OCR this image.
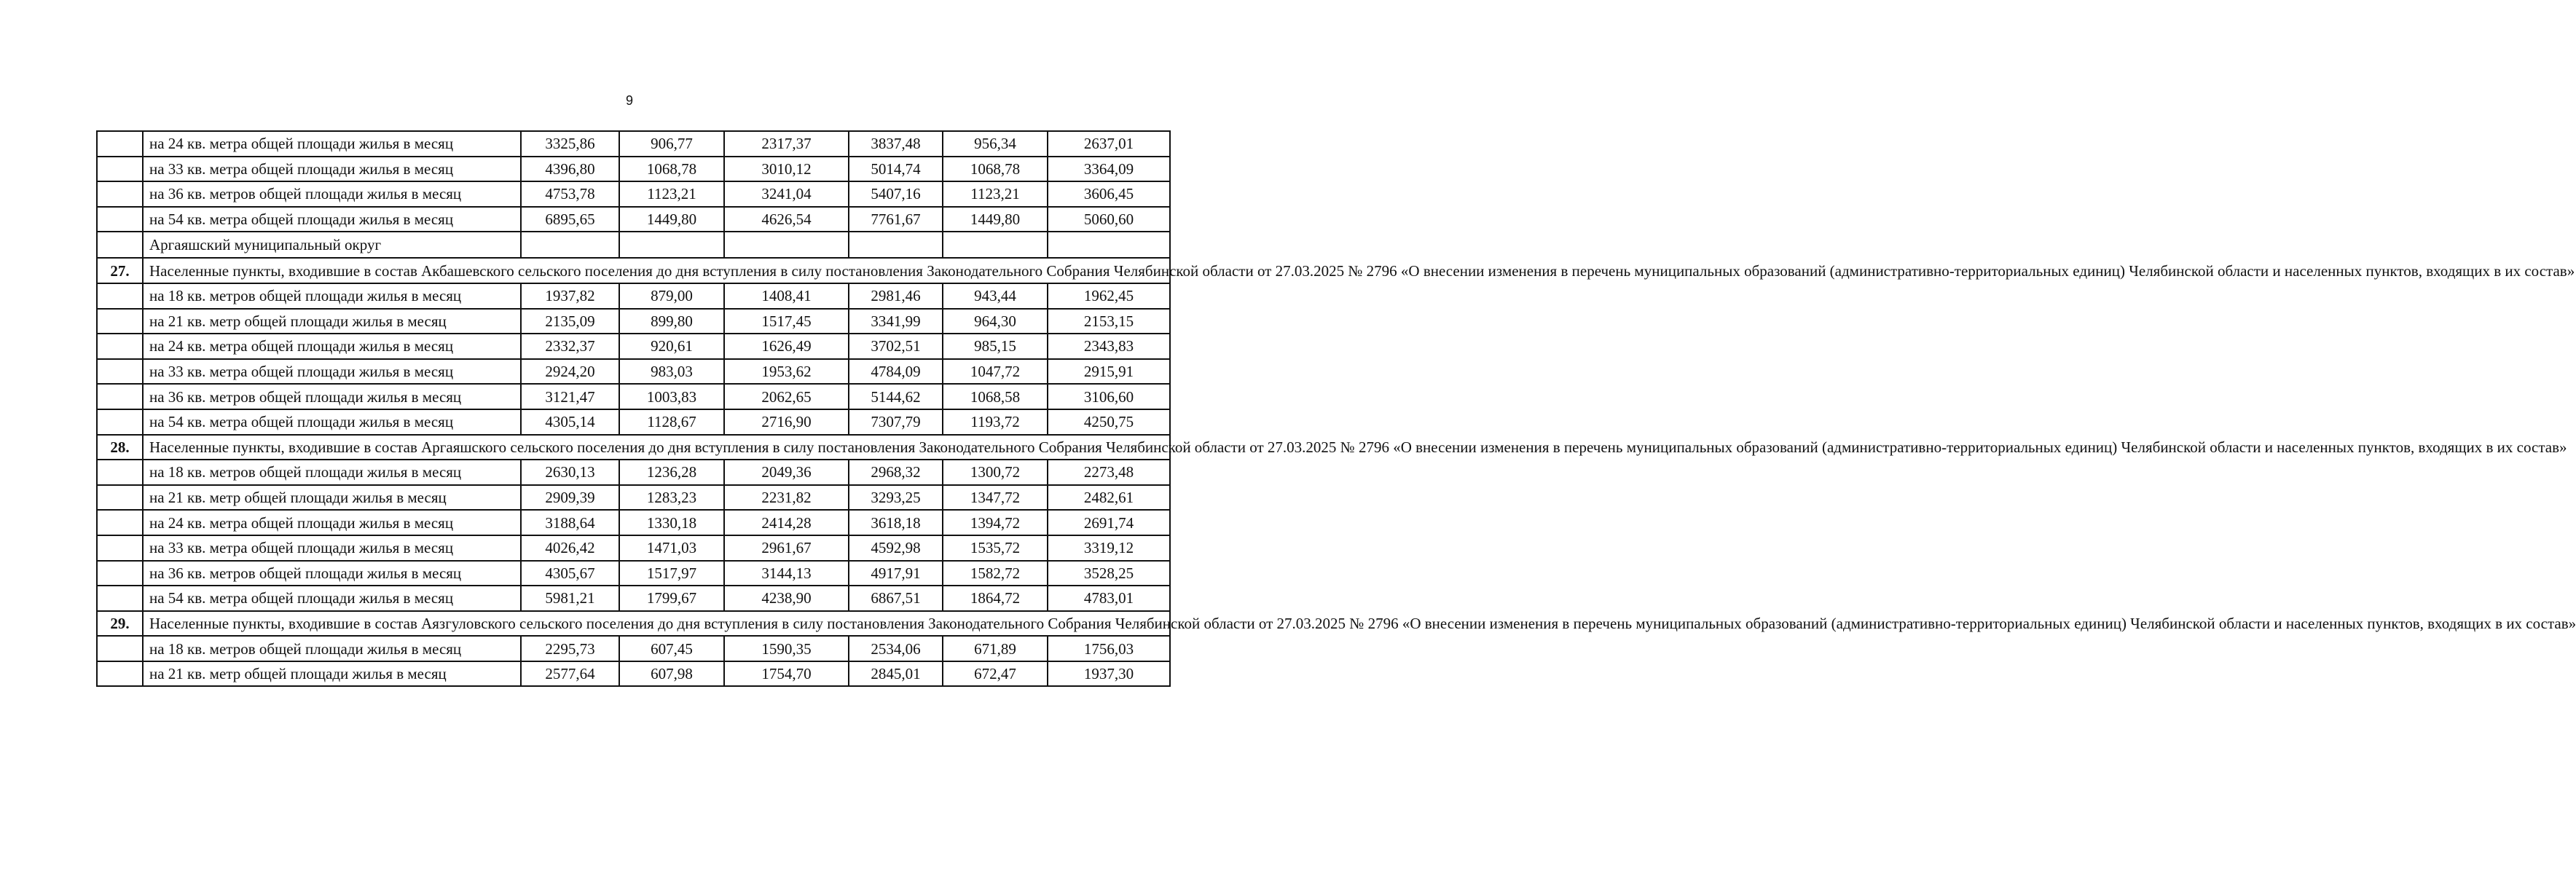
9
	на 24 кв. метра общей площади жилья в месяц	3325,86	906,77	2317,37	3837,48	956,34	2637,01
	на 33 кв. метра общей площади жилья в месяц	4396,80	1068,78	3010,12	5014,74	1068,78	3364,09
	на 36 кв. метров общей площади жилья в месяц	4753,78	1123,21	3241,04	5407,16	1123,21	3606,45
	на 54 кв. метра общей площади жилья в месяц	6895,65	1449,80	4626,54	7761,67	1449,80	5060,60
	Аргаяшский муниципальный округ						
27.	Населенные пункты, входившие в состав Акбашевского сельского поселения до дня вступления в силу постановления Законодательного Собрания Челябинской области от 27.03.2025 № 2796 «О внесении изменения в перечень муниципальных образований (административно-территориальных единиц) Челябинской области и населенных пунктов, входящих в их состав»						
	на 18 кв. метров общей площади жилья в месяц	1937,82	879,00	1408,41	2981,46	943,44	1962,45
	на 21 кв. метр общей площади жилья в месяц	2135,09	899,80	1517,45	3341,99	964,30	2153,15
	на 24 кв. метра общей площади жилья в месяц	2332,37	920,61	1626,49	3702,51	985,15	2343,83
	на 33 кв. метра общей площади жилья в месяц	2924,20	983,03	1953,62	4784,09	1047,72	2915,91
	на 36 кв. метров общей площади жилья в месяц	3121,47	1003,83	2062,65	5144,62	1068,58	3106,60
	на 54 кв. метра общей площади жилья в месяц	4305,14	1128,67	2716,90	7307,79	1193,72	4250,75
28.	Населенные пункты, входившие в состав Аргаяшского сельского поселения до дня вступления в силу постановления Законодательного Собрания Челябинской области от 27.03.2025 № 2796 «О внесении изменения в перечень муниципальных образований (административно-территориальных единиц) Челябинской области и населенных пунктов, входящих в их состав»						
	на 18 кв. метров общей площади жилья в месяц	2630,13	1236,28	2049,36	2968,32	1300,72	2273,48
	на 21 кв. метр общей площади жилья в месяц	2909,39	1283,23	2231,82	3293,25	1347,72	2482,61
	на 24 кв. метра общей площади жилья в месяц	3188,64	1330,18	2414,28	3618,18	1394,72	2691,74
	на 33 кв. метра общей площади жилья в месяц	4026,42	1471,03	2961,67	4592,98	1535,72	3319,12
	на 36 кв. метров общей площади жилья в месяц	4305,67	1517,97	3144,13	4917,91	1582,72	3528,25
	на 54 кв. метра общей площади жилья в месяц	5981,21	1799,67	4238,90	6867,51	1864,72	4783,01
29.	Населенные пункты, входившие в состав Аязгуловского сельского поселения до дня вступления в силу постановления Законодательного Собрания Челябинской области от 27.03.2025 № 2796 «О внесении изменения в перечень муниципальных образований (административно-территориальных единиц) Челябинской области и населенных пунктов, входящих в их состав»						
	на 18 кв. метров общей площади жилья в месяц	2295,73	607,45	1590,35	2534,06	671,89	1756,03
	на 21 кв. метр общей площади жилья в месяц	2577,64	607,98	1754,70	2845,01	672,47	1937,30
